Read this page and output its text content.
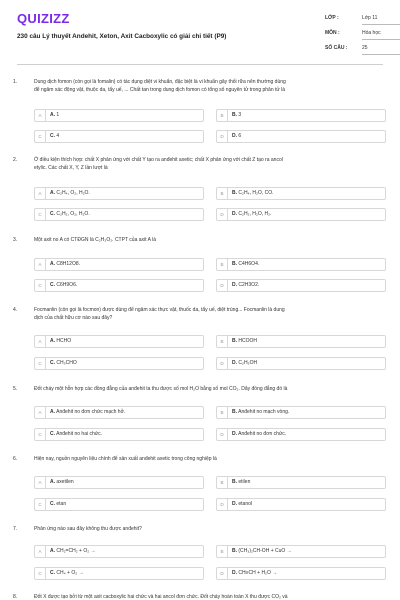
QUIZIZZ
230 câu Lý thuyết Andehit, Xeton, Axit Cacboxylic có giải chi tiết (P9)
LỚP :	Lớp 11
MÔN :	Hóa học
SỐ CÂU :	25
1.	Dung dịch fomon (còn gọi là fomalin) có tác dụng diệt vi khuẩn, đặc biệt là vi khuẩn gây thối rữa nên thường dùng
để ngâm xác động vật, thuộc da, tẩy uế, ... Chất tan trong dung dịch fomon có tổng số nguyên tử trong phân tử là
A	A. 1	B	B. 3
C	C. 4	D	D. 6
2.	Ở điều kiện thích hợp: chất X phản ứng với chất Y tạo ra anđehit axetic; chất X phản ứng với chất Z tạo ra ancol
etylic. Các chất X, Y, Z lần lượt là
A	A. C₂H₄, O₂, H₂O.	B	B. C₂H₄, H₂O, CO.
C	C. C₂H₂, O₂, H₂O.	D	D. C₂H₂, H₂O, H₂.
3.	Một axit no A có CTĐGN là C₂H₃O₂. CTPT của axit A là
A	A. C8H12O8.	B	B. C4H6O4.
C	C. C6H9O6.	D	D. C2H3O2.
4.	Focmanlin (còn gọi là focmon) được dùng để ngâm xác thực vật, thuốc da, tẩy uế, diệt trùng... Focmanlin là dung
dịch của chất hữu cơ nào sau đây?
A	A. HCHO	B	B. HCOOH
C	C. CH₃CHO	D	D. C₂H₅OH
5.	Đốt cháy một hỗn hợp các đồng đẳng của anđehit ta thu được số mol H₂O bằng số mol CO₂. Dãy đồng đẳng đó là
A	A. Anđehit no đơn chức mạch hở.	B	B. Anđehit no mạch vòng.
C	C. Anđehit no hai chức.	D	D. Anđehit no đơn chức.
6.	Hiện nay, nguồn nguyên liệu chính để sản xuất anđehit axetic trong công nghiệp là
A	A. axetilen	B	B. etilen
C	C. etan	D	D. etanol
7.	Phản ứng nào sau đây không thu được anđehit?
A	A. CH₂=CH₂ + O₂ →	B	B. (CH₃)₂CH-OH + CuO →
C	C. CH₄ + O₂ →	D	D. CH≡CH + H₂O →
8.	Đốt X được tạo bởi từ một axit cacboxylic hai chức và hai ancol đơn chức. Đốt cháy hoàn toàn X thu được CO₂ và
